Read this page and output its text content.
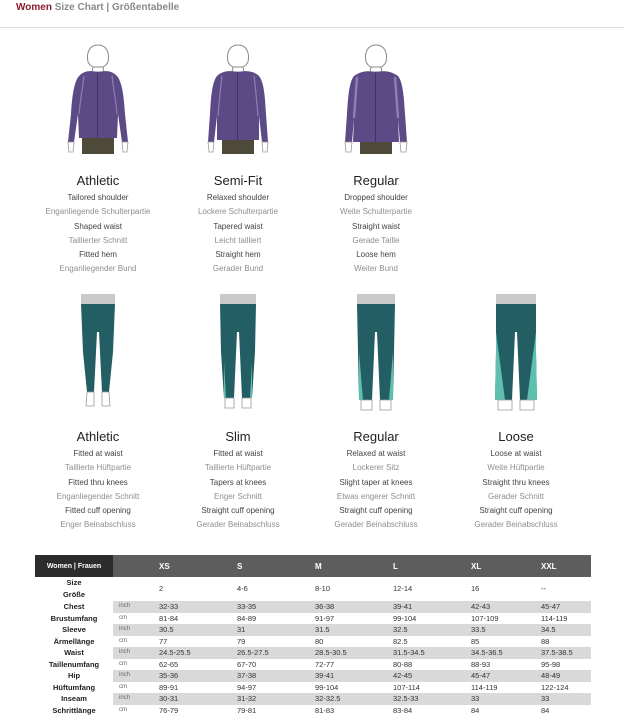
Women Size Chart | Größentabelle
Athletic
Tailored shoulder
Enganliegende Schulterpartie
Shaped waist
Taillierter Schnitt
Fitted hem
Enganliegender Bund
Semi-Fit
Relaxed shoulder
Lockere Schulterpartie
Tapered waist
Leicht tailliert
Straight hem
Gerader Bund
Regular
Dropped shoulder
Weite Schulterpartie
Straight waist
Gerade Taille
Loose hem
Weiter Bund
Athletic
Fitted at waist
Taillierte Hüftpartie
Fitted thru knees
Enganliegender Schnitt
Fitted cuff opening
Enger Beinabschluss
Slim
Fitted at waist
Taillierte Hüftpartie
Tapers at knees
Enger Schnitt
Straight cuff opening
Gerader Beinabschluss
Regular
Relaxed at waist
Lockerer Sitz
Slight taper at knees
Etwas engerer Schnitt
Straight cuff opening
Gerader Beinabschluss
Loose
Loose at waist
Weite Hüftpartie
Straight thru knees
Gerader Schnitt
Straight cuff opening
Gerader Beinabschluss
Women | Frauen		XS	S	M	L	XL	XXL
Size		2	4-6	8-10	12-14	16	--
Größe							
Chest	inch	32-33	33-35	36-38	39-41	42-43	45-47
Brustumfang	cm	81-84	84-89	91-97	99-104	107-109	114-119
Sleeve	inch	30.5	31	31.5	32.5	33.5	34.5
Ärmellänge	cm	77	79	80	82.5	85	88
Waist	inch	24.5-25.5	26.5-27.5	28.5-30.5	31.5-34.5	34.5-36.5	37.5-38.5
Taillenumfang	cm	62-65	67-70	72-77	80-88	88-93	95-98
Hip	inch	35-36	37-38	39-41	42-45	45-47	48-49
Hüftumfang	cm	89-91	94-97	99-104	107-114	114-119	122-124
Inseam	inch	30-31	31-32	32-32.5	32.5-33	33	33
Schrittlänge	cm	76-79	79-81	81-83	83-84	84	84
